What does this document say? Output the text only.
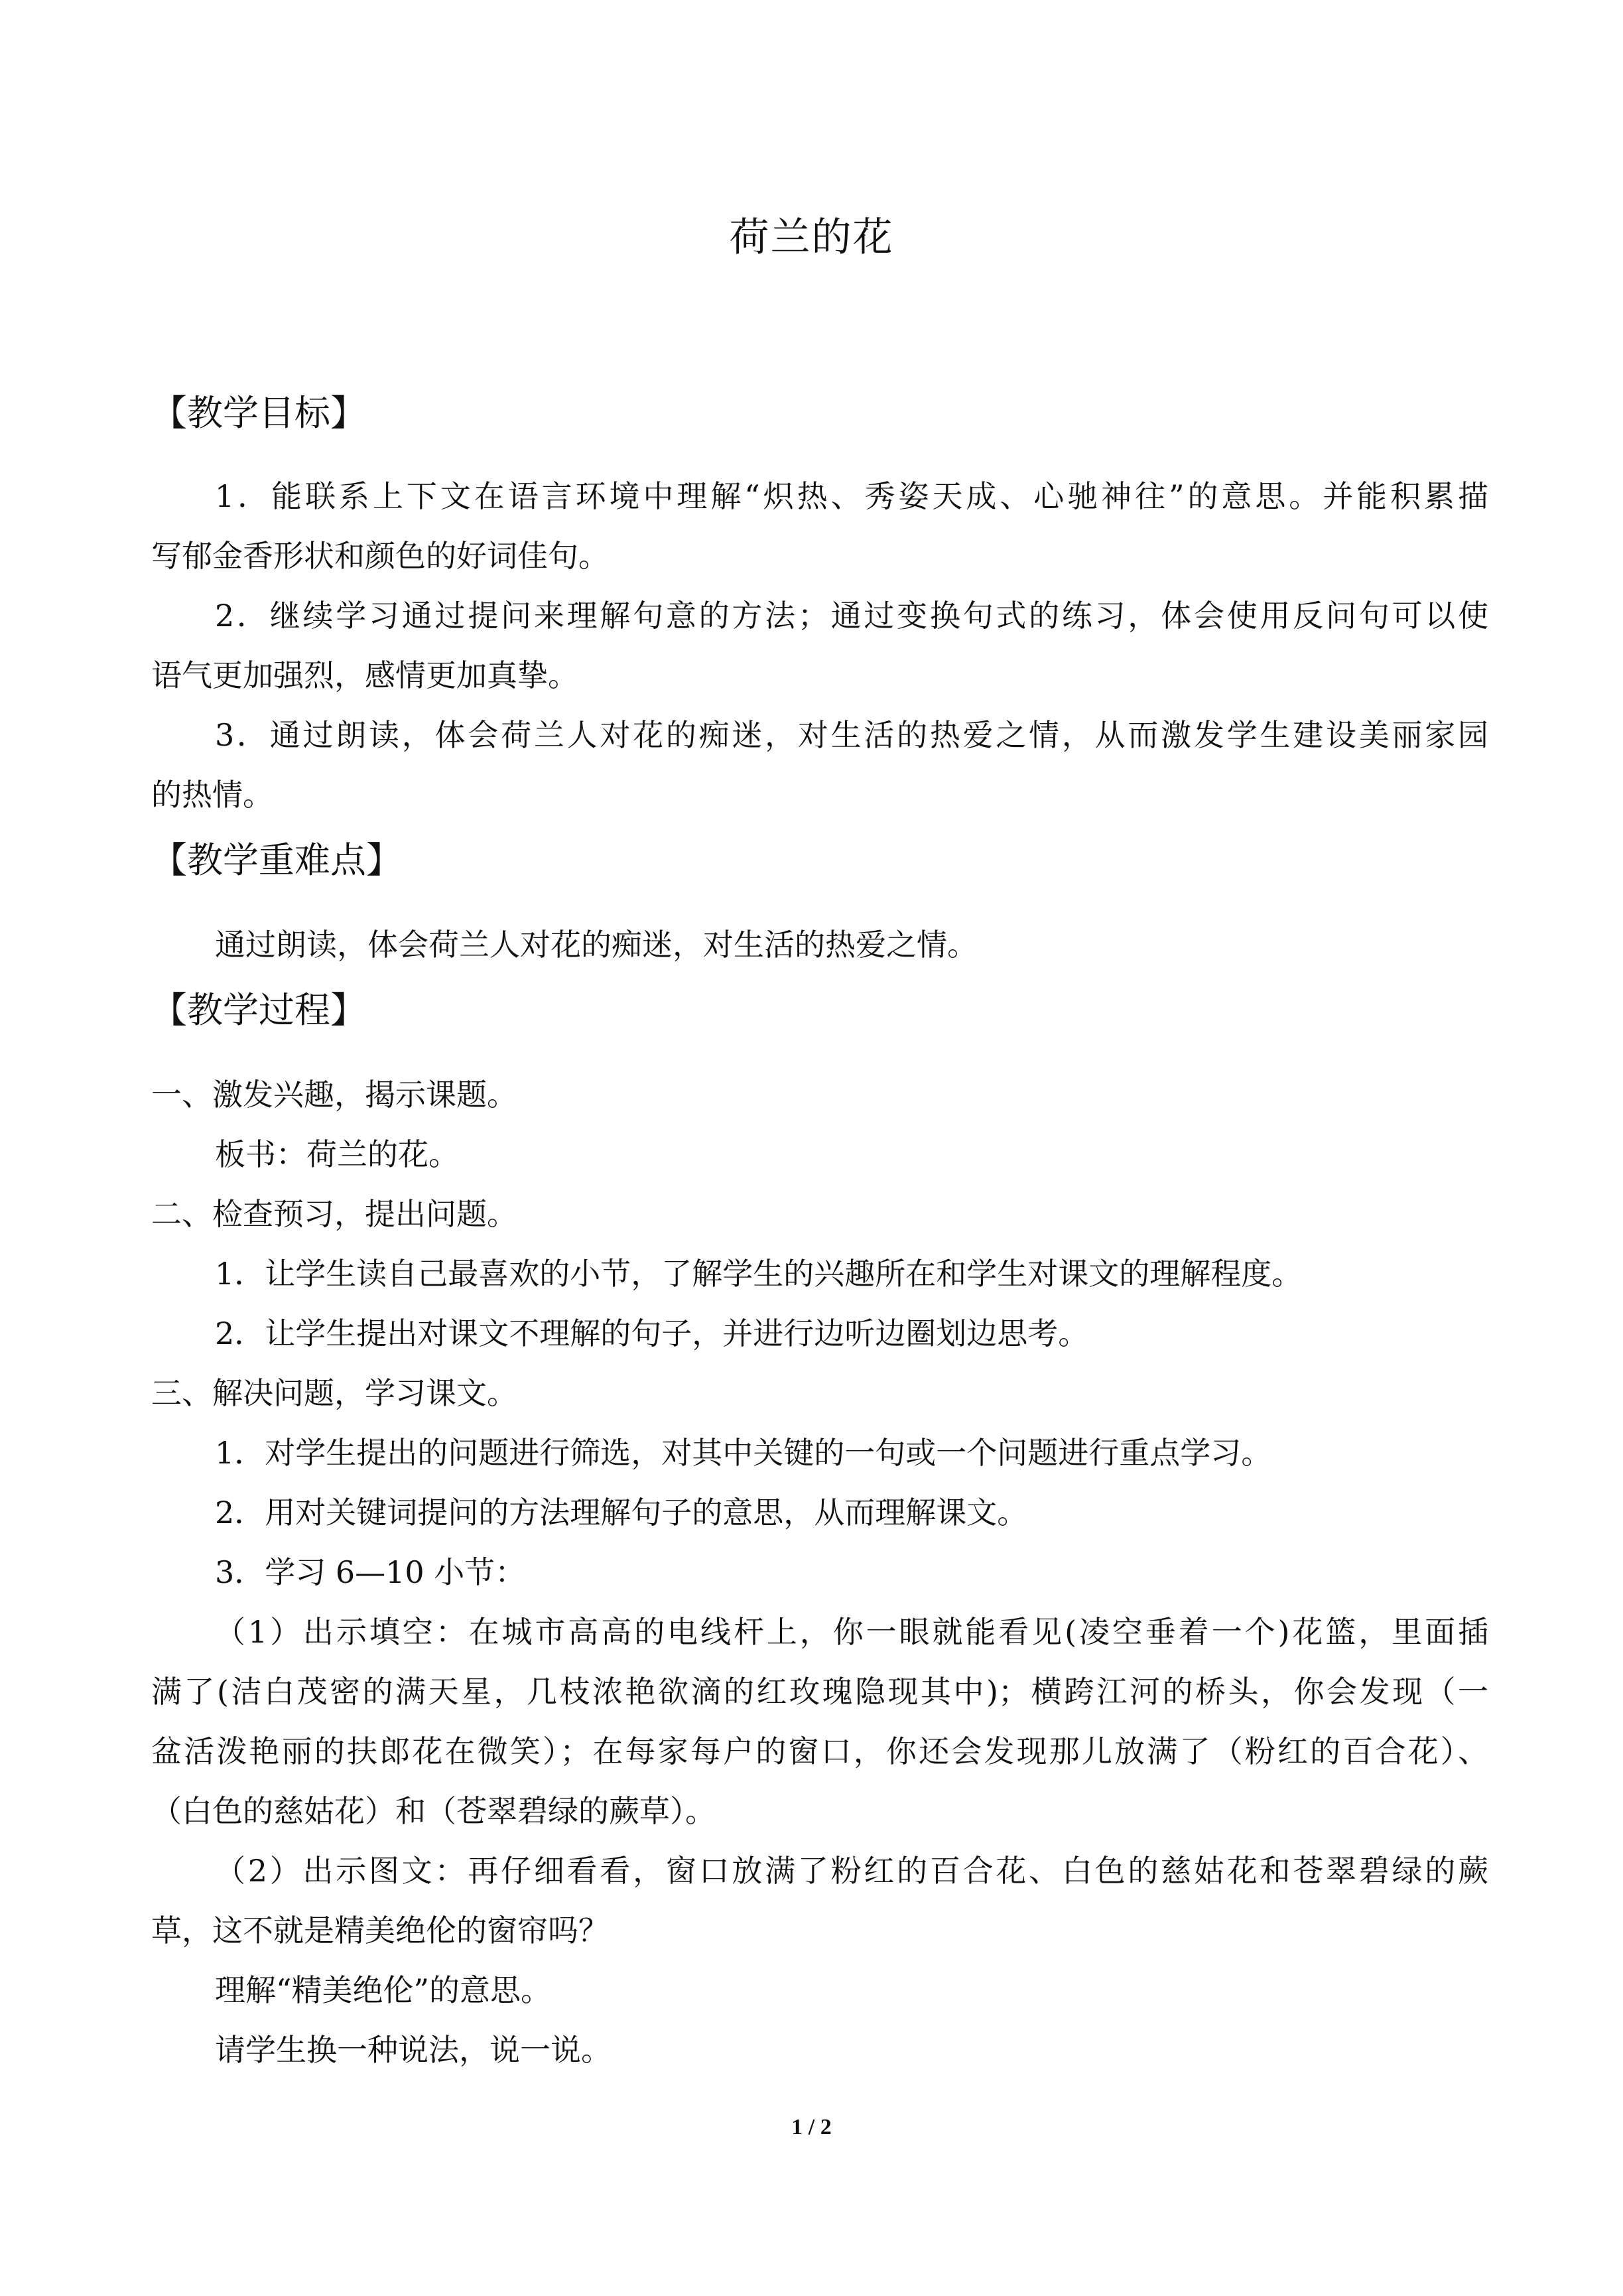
荷兰的花
【教学目标】
1．能联系上下文在语言环境中理解“炽热、秀姿天成、心驰神往”的意思。并能积累描
写郁金香形状和颜色的好词佳句。
2．继续学习通过提问来理解句意的方法；通过变换句式的练习，体会使用反问句可以使
语气更加强烈，感情更加真挚。
3．通过朗读，体会荷兰人对花的痴迷，对生活的热爱之情，从而激发学生建设美丽家园
的热情。
【教学重难点】
通过朗读，体会荷兰人对花的痴迷，对生活的热爱之情。
【教学过程】
一、激发兴趣，揭示课题。
板书：荷兰的花。
二、检查预习，提出问题。
1．让学生读自己最喜欢的小节，了解学生的兴趣所在和学生对课文的理解程度。
2．让学生提出对课文不理解的句子，并进行边听边圈划边思考。
三、解决问题，学习课文。
1．对学生提出的问题进行筛选，对其中关键的一句或一个问题进行重点学习。
2．用对关键词提问的方法理解句子的意思，从而理解课文。
3．学习 6—10 小节：
（1）出示填空：在城市高高的电线杆上，你一眼就能看见(凌空垂着一个)花篮，里面插
满了(洁白茂密的满天星，几枝浓艳欲滴的红玫瑰隐现其中)；横跨江河的桥头，你会发现（一
盆活泼艳丽的扶郎花在微笑）；在每家每户的窗口，你还会发现那儿放满了（粉红的百合花）、
（白色的慈姑花）和（苍翠碧绿的蕨草）。
（2）出示图文：再仔细看看，窗口放满了粉红的百合花、白色的慈姑花和苍翠碧绿的蕨
草，这不就是精美绝伦的窗帘吗？
理解“精美绝伦”的意思。
请学生换一种说法，说一说。
1 / 2
